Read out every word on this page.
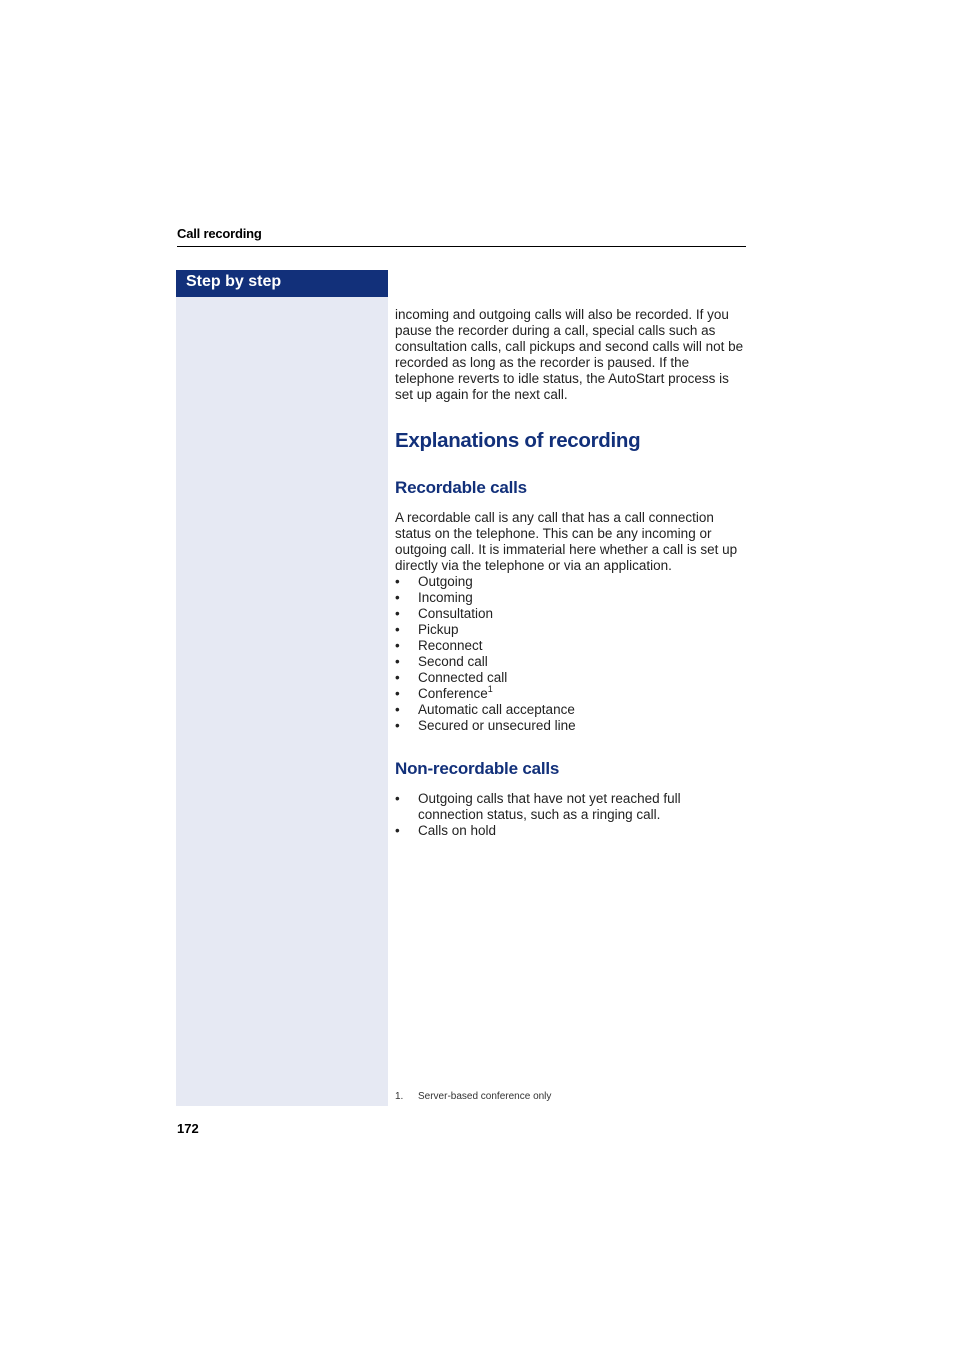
Call recording
Step by step

incoming and outgoing calls will also be recorded. If you pause the recorder during a call, special calls such as consultation calls, call pickups and second calls will not be recorded as long as the recorder is paused. If the telephone reverts to idle status, the AutoStart process is set up again for the next call.

Explanations of recording
Recordable calls

A recordable call is any call that has a call connection status on the telephone. This can be any incoming or outgoing call. It is immaterial here whether a call is set up directly via the telephone or via an application.

• Outgoing
• Incoming
• Consultation
• Pickup
• Reconnect
• Second call
• Connected call
• Conference$^1$
• Automatic call acceptance
• Secured or unsecured line
Non-recordable calls
• Outgoing calls that have not yet reached full connection status, such as a ringing call.
• Calls on hold
1. Server-based conference only
172
